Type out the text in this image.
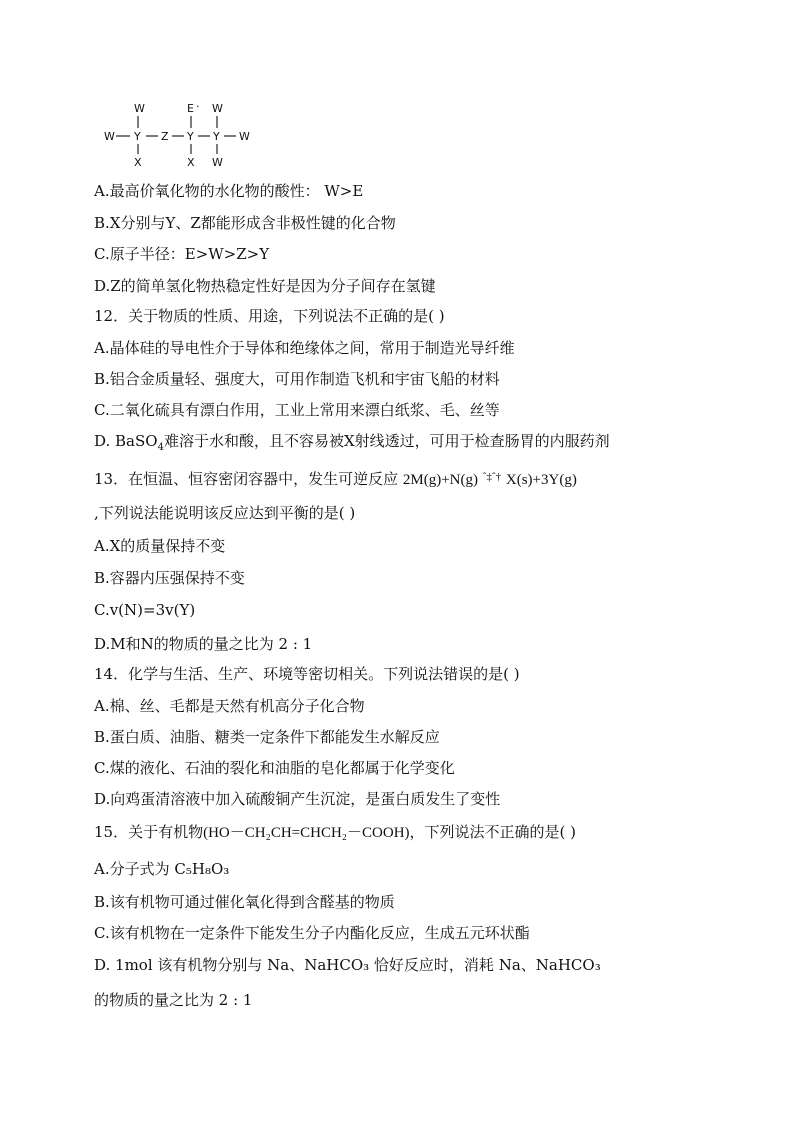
W Y
W
X
Z Y
E ·
X
Y
W
W
W
A.最高价氧化物的水化物的酸性： W>E
B.X分别与Y、Z都能形成含非极性键的化合物
C.原子半径：E>W>Z>Y
D.Z的简单氢化物热稳定性好是因为分子间存在氢键
12．关于物质的性质、用途，下列说法不正确的是( )
A.晶体硅的导电性介于导体和绝缘体之间，常用于制造光导纤维
B.铝合金质量轻、强度大，可用作制造飞机和宇宙飞船的材料
C.二氧化硫具有漂白作用，工业上常用来漂白纸浆、毛、丝等
D. BaSO$_4$难溶于水和酸，且不容易被X射线透过，可用于检查肠胃的内服药剂
13．在恒温、恒容密闭容器中，发生可逆反应 2M(g)+N(g) $^{ˆ\ddagger ˆ\dagger}$ X(s)+3Y(g)
,下列说法能说明该反应达到平衡的是( )
A.X的质量保持不变
B.容器内压强保持不变
C.v(N)=3v(Y)
D.M和N的物质的量之比为 2 : 1
14．化学与生活、生产、环境等密切相关。下列说法错误的是( )
A.棉、丝、毛都是天然有机高分子化合物
B.蛋白质、油脂、糖类一定条件下都能发生水解反应
C.煤的液化、石油的裂化和油脂的皂化都属于化学变化
D.向鸡蛋清溶液中加入硫酸铜产生沉淀，是蛋白质发生了变性
15．关于有机物(HO－CH₂CH=CHCH₂－COOH)，下列说法不正确的是( )
A.分子式为 C₅H₈O₃
B.该有机物可通过催化氧化得到含醛基的物质
C.该有机物在一定条件下能发生分子内酯化反应，生成五元环状酯
D. 1mol 该有机物分别与 Na、NaHCO₃ 恰好反应时，消耗 Na、NaHCO₃
的物质的量之比为 2 : 1
